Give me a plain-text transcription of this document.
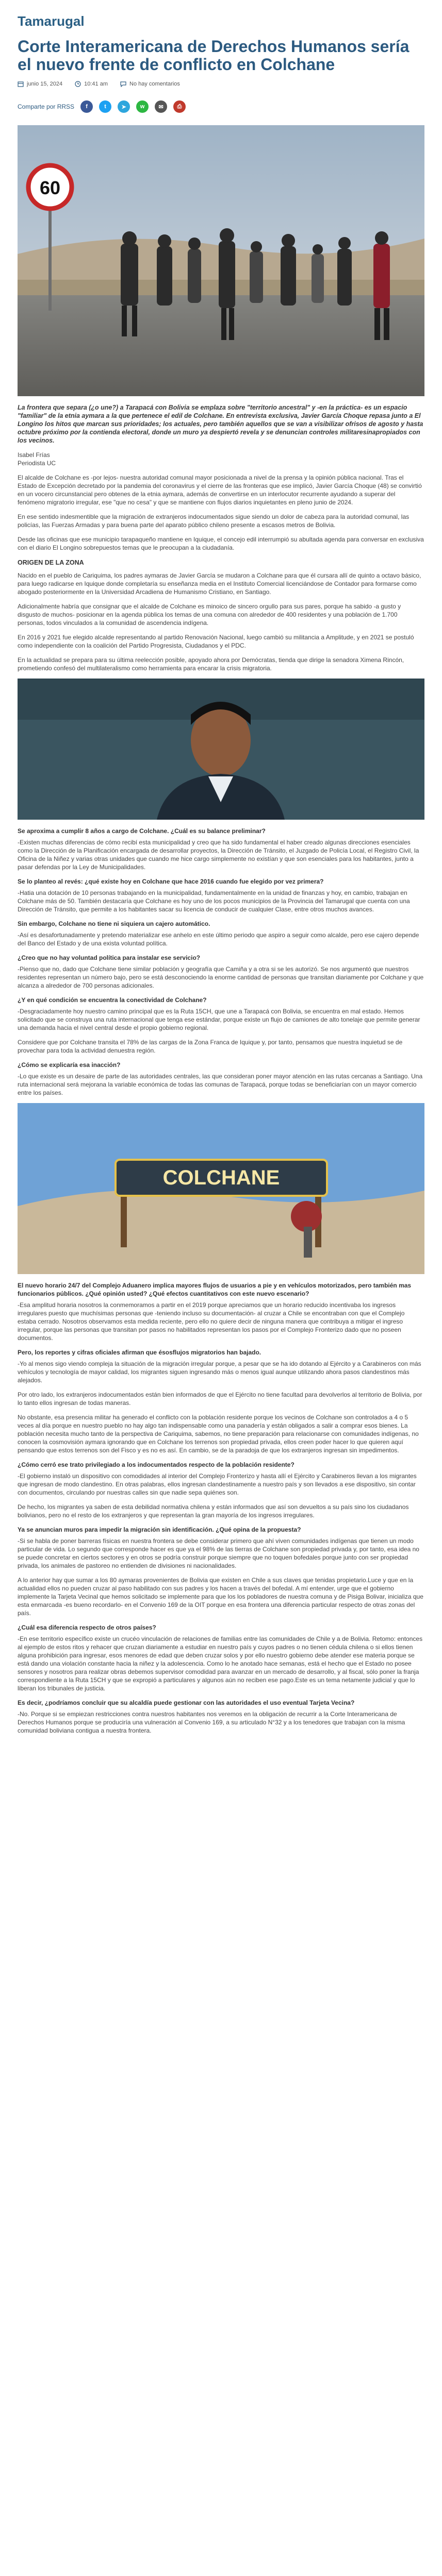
Tamarugal
Corte Interamericana de Derechos Humanos sería el nuevo frente de conflicto en Colchane
junio 15, 2024	10:41 am	No hay comentarios
Comparte por RRSS f	t	➤ w ✉ ⎙
60
La frontera que separa (¿o une?) a Tarapacá con Bolivia se emplaza sobre "territorio ancestral" y -en la práctica- es un espacio "familiar" de la etnia aymara a la que pertenece el edil de Colchane. En entrevista exclusiva, Javier García Choque repasa junto a El Longino los hitos que marcan sus prioridades; los actuales, pero también aquellos que se van a visibilizar ofrisos de agosto y hasta octubre próximo por la contienda electoral, donde un muro ya despiertó revela y se denuncian controles militaresinapropiados con los vecinos.

Isabel Frías

Periodista UC

El alcalde de Colchane es -por lejos- nuestra autoridad comunal mayor posicionada a nivel de la prensa y la opinión pública nacional. Tras el Estado de Excepción decretado por la pandemia del coronavirus y el cierre de las fronteras que ese implicó, Javier García Choque (48) se convirtió en un vocero circunstancial pero obtenes de la etnia aymara, además de convertirse en un interlocutor recurrente ayudando a superar del fenómeno migratorio irregular, ese "que no cesa" y que se mantiene con flujos diarios inquietantes en pleno junio de 2024.

En ese sentido indesmentible que la migración de extranjeros indocumentados sigue siendo un dolor de cabeza para la autoridad comunal, las policías, las Fuerzas Armadas y para buena parte del aparato público chileno presente a escasos metros de Bolivia.

Desde las oficinas que ese municipio tarapaqueño mantiene en Iquique, el concejo edil interrumpió su abultada agenda para conversar en exclusiva con el diario El Longino sobrepuestos temas que le preocupan a la ciudadanía.

ORIGEN DE LA ZONA

Nacido en el pueblo de Cariquima, los padres aymaras de Javier García se mudaron a Colchane para que él cursara allí de quinto a octavo básico, para luego radicarse en Iquique donde completaría su enseñanza media en el Instituto Comercial licenciándose de Contador para formarse como abogado posteriormente en la Universidad Arcadiena de Humanismo Cristiano, en Santiago.

Adicionalmente habría que consignar que el alcalde de Colchane es minoico de sincero orgullo para sus pares, porque ha sabido -a gusto y disgusto de muchos- posicionar en la agenda pública los temas de una comuna con alrededor de 400 residentes y una población de 1.700 personas, todos vinculados a la comunidad de ascendencia indígena.

En 2016 y 2021 fue elegido alcalde representando al partido Renovación Nacional, luego cambió su militancia a Amplitude, y en 2021 se postuló como independiente con la coalición del Partido Progresista, Ciudadanos y el PDC.

En la actualidad se prepara para su última reelección posible, apoyado ahora por Demócratas, tienda que dirige la senadora Ximena Rincón, prometiendo confesó del multilateralismo como herramienta para encarar la crisis migratoria.

Se aproxima a cumplir 8 años a cargo de Colchane. ¿Cuál es su balance preliminar?

-Existen muchas diferencias de cómo recibí esta municipalidad y creo que ha sido fundamental el haber creado algunas direcciones esenciales como la Dirección de la Planificación encargada de desarrollar proyectos, la Dirección de Tránsito, el Juzgado de Policía Local, el Registro Civil, la Oficina de la Niñez y varias otras unidades que cuando me hice cargo simplemente no existían y que son esenciales para los habitantes, junto a pasar defendas por la Ley de Municipalidades.

Se lo planteo al revés: ¿qué existe hoy en Colchane que hace 2016 cuando fue elegido por vez primera?

-Hatia una dotación de 10 personas trabajando en la municipalidad, fundamentalmente en la unidad de finanzas y hoy, en cambio, trabajan en Colchane más de 50. También destacaría que Colchane es hoy uno de los pocos municipios de la Provincia del Tamarugal que cuenta con una Dirección de Tránsito, que permite a los habitantes sacar su licencia de conducir de cualquier Clase, entre otros muchos avances.

Sin embargo, Colchane no tiene ni siquiera un cajero automático.

-Así es desafortunadamente y pretendo materializar ese anhelo en este último periodo que aspiro a seguir como alcalde, pero ese cajero depende del Banco del Estado y de una exista voluntad política.

¿Creo que no hay voluntad política para instalar ese servicio?

-Pienso que no, dado que Colchane tiene similar población y geografía que Camiña y a otra si se les autorizó. Se nos argumentó que nuestros residentes representan un número bajo, pero se está desconociendo la enorme cantidad de personas que transitan diariamente por Colchane y que alcanza a alrededor de 700 personas adicionales.

¿Y en qué condición se encuentra la conectividad de Colchane?

-Desgraciadamente hoy nuestro camino principal que es la Ruta 15CH, que une a Tarapacá con Bolivia, se encuentra en mal estado. Hemos solicitado que se construya una ruta internacional que tenga ese estándar, porque existe un flujo de camiones de alto tonelaje que permite generar una demanda hacia el nivel central desde el propio gobierno regional.

Considere que por Colchane transita el 78% de las cargas de la Zona Franca de Iquique y, por tanto, pensamos que nuestra inquietud se de provechar para toda la actividad denuestra región.

¿Cómo se explicaría esa inacción?

-Lo que existe es un desaire de parte de las autoridades centrales, las que consideran poner mayor atención en las rutas cercanas a Santiago. Una ruta internacional será mejorana la variable económica de todas las comunas de Tarapacá, porque todas se beneficiarían con un mayor comercio entre los países.

COLCHANE

El nuevo horario 24/7 del Complejo Aduanero implica mayores flujos de usuarios a pie y en vehículos motorizados, pero también mas funcionarios públicos. ¿Qué opinión usted? ¿Qué efectos cuantitativos con este nuevo escenario?

-Esa amplitud horaria nosotros la conmemoramos a partir en el 2019 porque apreciamos que un horario reducido incentivaba los ingresos irregulares puesto que muchísimas personas que -teniendo incluso su documentación- al cruzar a Chile se encontraban con que el Complejo estaba cerrado. Nosotros observamos esta medida reciente, pero ello no quiere decir de ninguna manera que contribuya a mitigar el ingreso irregular, porque las personas que transitan por pasos no habilitados representan los pasos por el Complejo Fronterizo dado que no poseen documentos.

Pero, los reportes y cifras oficiales afirman que ésosflujos migratorios han bajado.

-Yo al menos sigo viendo compleja la situación de la migración irregular porque, a pesar que se ha ido dotando al Ejército y a Carabineros con más vehículos y tecnología de mayor calidad, los migrantes siguen ingresando más o menos igual aunque utilizando ahora pasos clandestinos más alejados.

Por otro lado, los extranjeros indocumentados están bien informados de que el Ejército no tiene facultad para devolverlos al territorio de Bolivia, por lo tanto ellos ingresan de todas maneras.

No obstante, esa presencia militar ha generado el conflicto con la población residente porque los vecinos de Colchane son controlados a 4 o 5 veces al día porque en nuestro pueblo no hay algo tan indispensable como una panadería y están obligados a salir a comprar esos bienes. La población necesita mucho tanto de la perspectiva de Cariquima, sabemos, no tiene preparación para relacionarse con comunidades indígenas, no conocen la cosmovisión aymara ignorando que en Colchane los terrenos son propiedad privada, ellos creen poder hacer lo que quieren aquí pensando que estos terrenos son del Fisco y es no es así. En cambio, se de la paradoja de que los extranjeros ingresan sin impedimentos.

¿Cómo cerró ese trato privilegiado a los indocumentados respecto de la población residente?

-El gobierno instaló un dispositivo con comodidades al interior del Complejo Fronterizo y hasta allí el Ejército y Carabineros llevan a los migrantes que ingresan de modo clandestino. En otras palabras, ellos ingresan clandestinamente a nuestro país y son llevados a ese dispositivo, sin contar con documentos, circulando por nuestras calles sin que nadie sepa quiénes son.

De hecho, los migrantes ya saben de esta debilidad normativa chilena y están informados que así son devueltos a su país sino los ciudadanos bolivianos, pero no el resto de los extranjeros y que representan la gran mayoría de los ingresos irregulares.

Ya se anuncian muros para impedir la migración sin identificación. ¿Qué opina de la propuesta?

-Si se habla de poner barreras físicas en nuestra frontera se debe considerar primero que ahí viven comunidades indígenas que tienen un modo particular de vida. Lo segundo que corresponde hacer es que ya el 98% de las tierras de Colchane son propiedad privada y, por tanto, esa idea no se puede concretar en ciertos sectores y en otros se podría construir porque siempre que no toquen bofedales porque junto con ser propiedad privada, los animales de pastoreo no entienden de divisiones ni nacionalidades.

A lo anterior hay que sumar a los 80 aymaras provenientes de Bolivia que existen en Chile a sus claves que tenidas propietario.Luce y que en la actualidad ellos no pueden cruzar al paso habilitado con sus padres y los hacen a través del bofedal. A mí entender, urge que el gobierno implemente la Tarjeta Vecinal que hemos solicitado se implemente para que los los pobladores de nuestra comuna y de Pisiga Bolivar, inicializa que esta enmarcada -es bueno recordarlo- en el Convenio 169 de la OIT porque en esa frontera una diferencia particular respecto de otras zonas del país.

¿Cuál esa diferencia respecto de otros países?

-En ese territorio específico existe un crucéo vinculación de relaciones de familias entre las comunidades de Chile y a de Bolivia. Retomo: entonces al ejemplo de estos ritos y rehacer que cruzan diariamente a estudiar en nuestro país y cuyos padres o no tienen cédula chilena o si ellos tienen alguna prohibición para ingresar, esos menores de edad que deben cruzar solos y por ello nuestro gobierno debe atender ese materia porque se está dando una violación constante hacia la niñez y la adolescencia. Como lo he anotado hace semanas, está el hecho que el Estado no posee sensores y nosotros para realizar obras debemos supervisor comodidad para avanzar en un mercado de desarrollo, y al fiscal, sólo poner la franja correspondiente a la Ruta 15CH y que se expropió a particulares y algunos aún no reciben ese pago.Este es un tema netamente judicial y que lo liberan los tribunales de justicia.

Es decir, ¿podríamos concluir que su alcaldía puede gestionar con las autoridades el uso eventual Tarjeta Vecina?

-No. Porque si se empiezan restricciones contra nuestros habitantes nos veremos en la obligación de recurrir a la Corte Interamericana de Derechos Humanos porque se produciría una vulneración al Convenio 169, a su articulado N°32 y a los tenedores que trabajan con la misma comunidad boliviana contigua a nuestra frontera.
